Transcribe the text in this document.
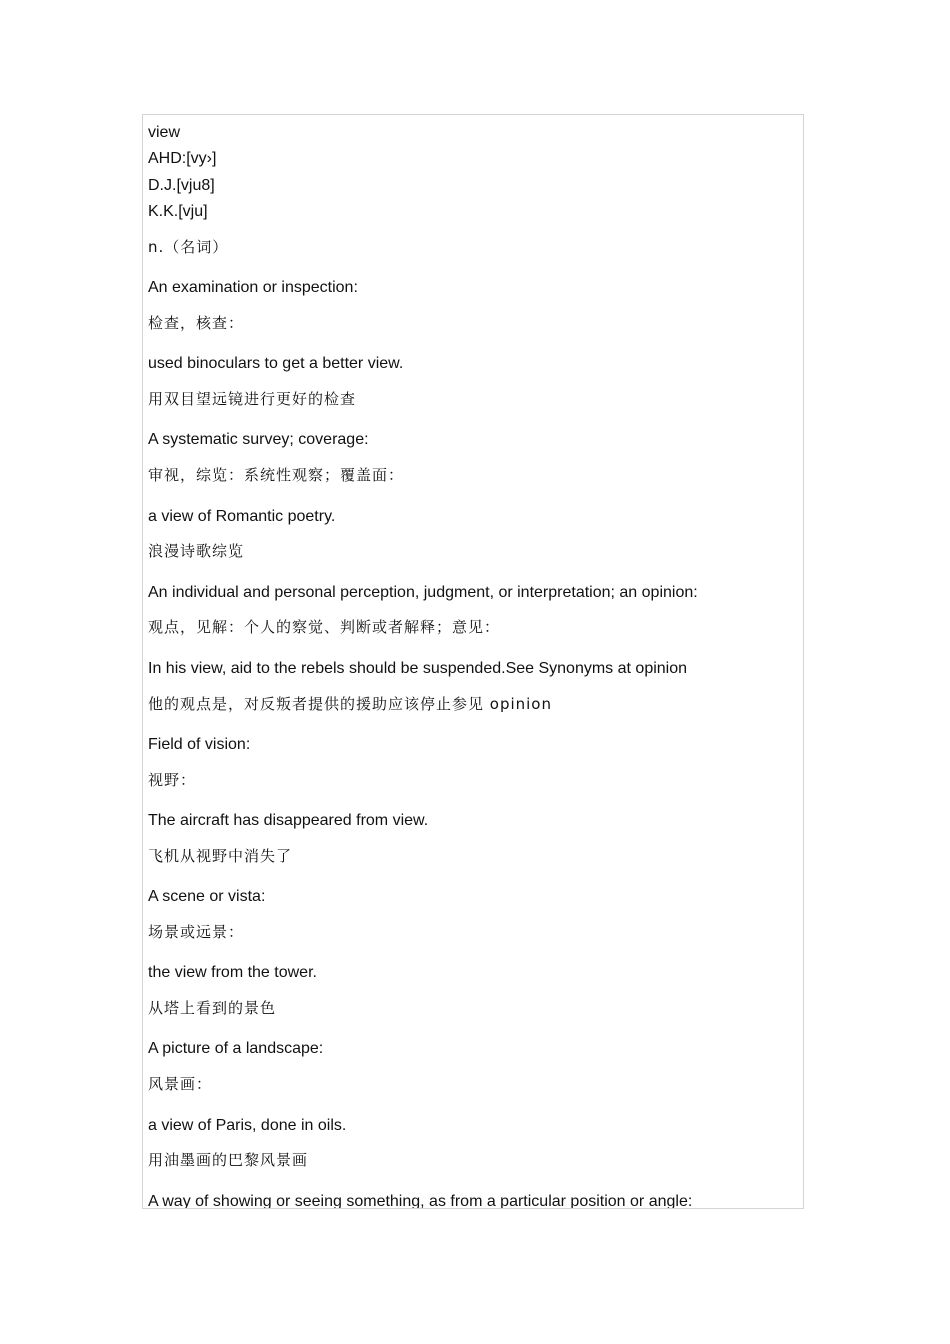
view
AHD:[vy›]
D.J.[vju8]
K.K.[vju]
n.（名词）
An examination or inspection:
检查，核查：
used binoculars to get a better view.
用双目望远镜进行更好的检查
A systematic survey; coverage:
审视，综览：系统性观察；覆盖面：
a view of Romantic poetry.
浪漫诗歌综览
An individual and personal perception, judgment, or interpretation; an opinion:
观点，见解：个人的察觉、判断或者解释；意见：
In his view, aid to the rebels should be suspended.See Synonyms at opinion
他的观点是，对反叛者提供的援助应该停止参见 opinion
Field of vision:
视野：
The aircraft has disappeared from view.
飞机从视野中消失了
A scene or vista:
场景或远景：
the view from the tower.
从塔上看到的景色
A picture of a landscape:
风景画：
a view of Paris, done in oils.
用油墨画的巴黎风景画
A way of showing or seeing something, as from a particular position or angle:
